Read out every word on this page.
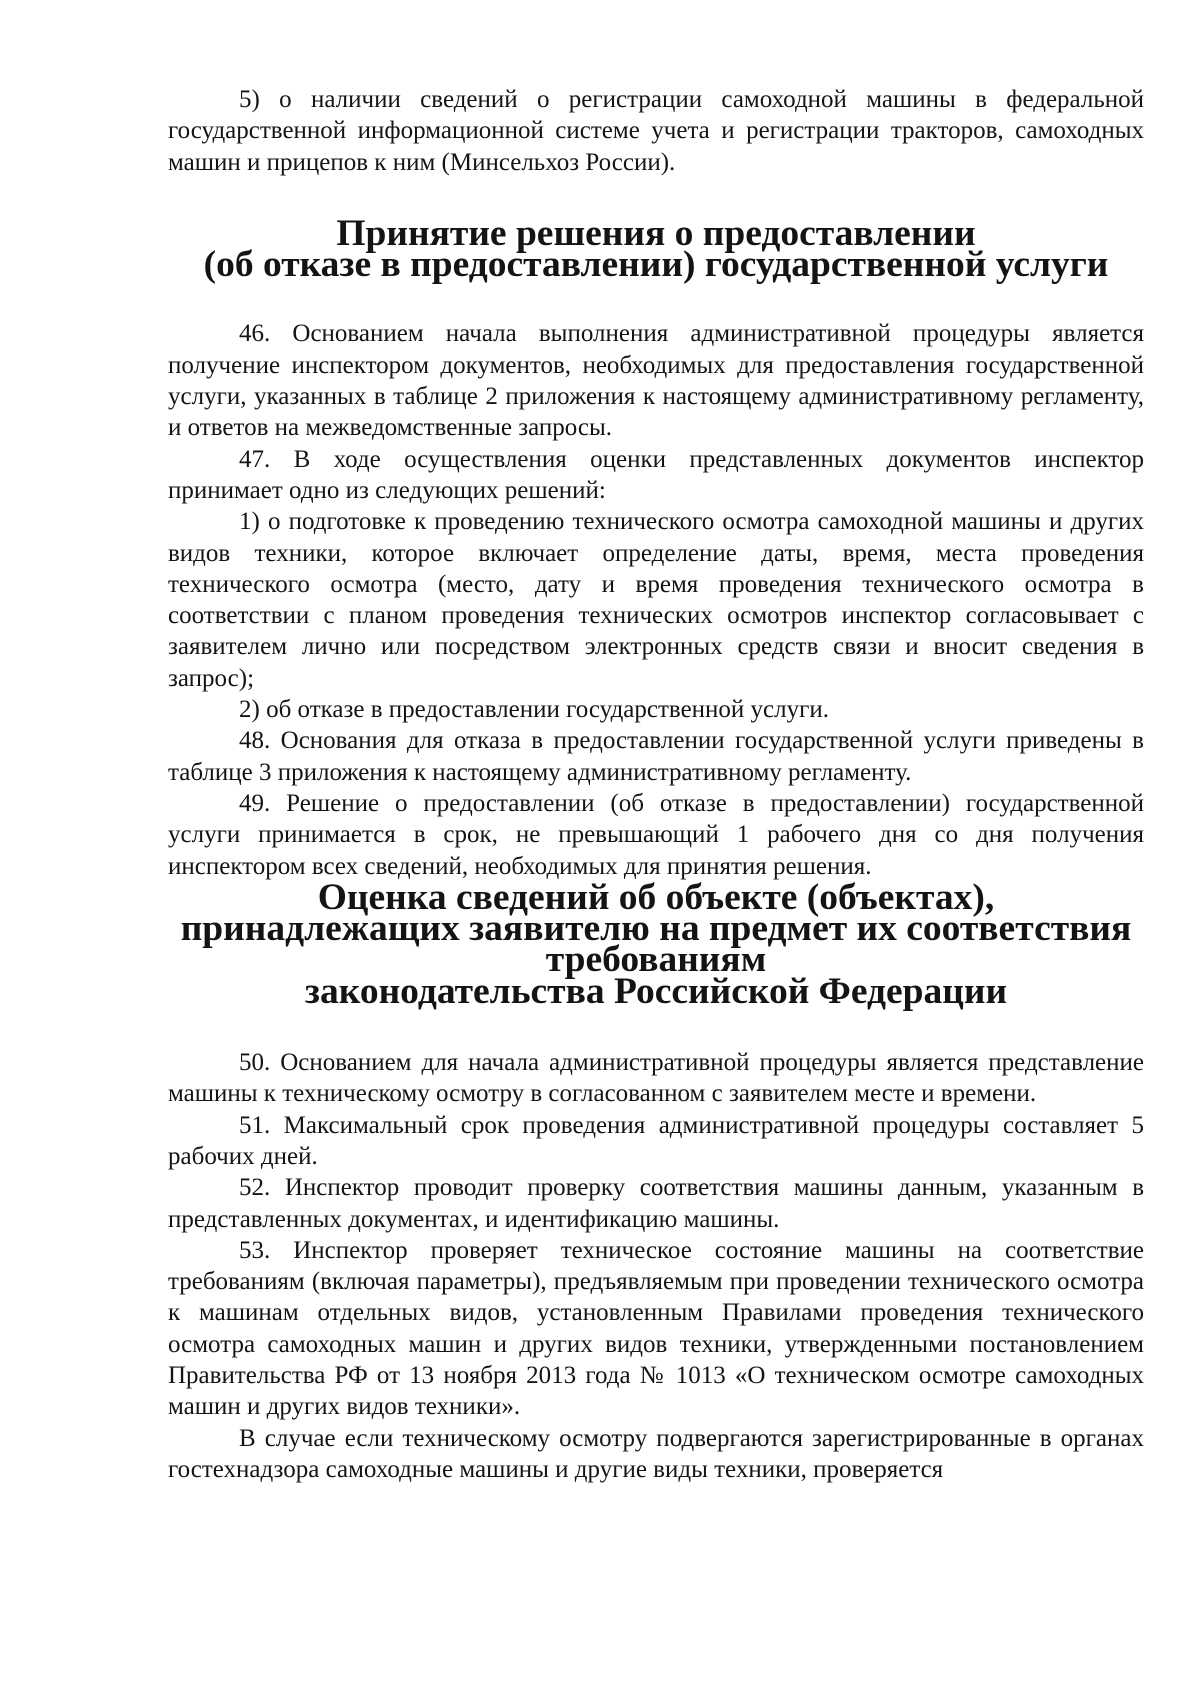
5) о наличии сведений о регистрации самоходной машины в федеральной государственной информационной системе учета и регистрации тракторов, самоходных машин и прицепов к ним (Минсельхоз России).

Принятие решения о предоставлении
(об отказе в предоставлении) государственной услуги

46. Основанием начала выполнения административной процедуры является получение инспектором документов, необходимых для предоставления государственной услуги, указанных в таблице 2 приложения к настоящему административному регламенту, и ответов на межведомственные запросы.

47. В ходе осуществления оценки представленных документов инспектор принимает одно из следующих решений:

1) о подготовке к проведению технического осмотра самоходной машины и других видов техники, которое включает определение даты, время, места проведения технического осмотра (место, дату и время проведения технического осмотра в соответствии с планом проведения технических осмотров инспектор согласовывает с заявителем лично или посредством электронных средств связи и вносит сведения в запрос);

2) об отказе в предоставлении государственной услуги.

48. Основания для отказа в предоставлении государственной услуги приведены в таблице 3 приложения к настоящему административному регламенту.

49. Решение о предоставлении (об отказе в предоставлении) государственной услуги принимается в срок, не превышающий 1 рабочего дня со дня получения инспектором всех сведений, необходимых для принятия решения.

Оценка сведений об объекте (объектах),
принадлежащих заявителю на предмет их соответствия требованиям
законодательства Российской Федерации

50. Основанием для начала административной процедуры является представление машины к техническому осмотру в согласованном с заявителем месте и времени.

51. Максимальный срок проведения административной процедуры составляет 5 рабочих дней.

52. Инспектор проводит проверку соответствия машины данным, указанным в представленных документах, и идентификацию машины.

53. Инспектор проверяет техническое состояние машины на соответствие требованиям (включая параметры), предъявляемым при проведении технического осмотра к машинам отдельных видов, установленным Правилами проведения технического осмотра самоходных машин и других видов техники, утвержденными постановлением Правительства РФ от 13 ноября 2013 года № 1013 «О техническом осмотре самоходных машин и других видов техники».

В случае если техническому осмотру подвергаются зарегистрированные в органах гостехнадзора самоходные машины и другие виды техники, проверяется
